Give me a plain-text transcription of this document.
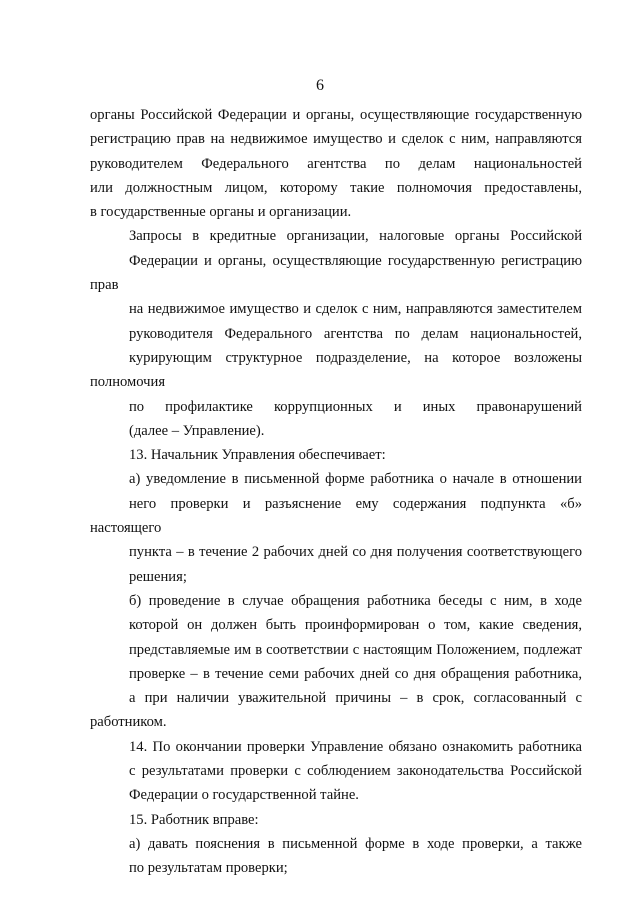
6

органы Российской Федерации и органы, осуществляющие государственную
регистрацию прав на недвижимое имущество и сделок с ним, направляются
руководителем Федерального агентства по делам национальностей
или должностным лицом, которому такие полномочия предоставлены,
в государственные органы и организации.

Запросы в кредитные организации, налоговые органы Российской
Федерации и органы, осуществляющие государственную регистрацию прав
на недвижимое имущество и сделок с ним, направляются заместителем
руководителя Федерального агентства по делам национальностей,
курирующим структурное подразделение, на которое возложены полномочия
по профилактике коррупционных и иных правонарушений
(далее – Управление).

13. Начальник Управления обеспечивает:

а) уведомление в письменной форме работника о начале в отношении
него проверки и разъяснение ему содержания подпункта «б» настоящего
пункта – в течение 2 рабочих дней со дня получения соответствующего
решения;

б) проведение в случае обращения работника беседы с ним, в ходе
которой он должен быть проинформирован о том, какие сведения,
представляемые им в соответствии с настоящим Положением, подлежат
проверке – в течение семи рабочих дней со дня обращения работника,
а при наличии уважительной причины – в срок, согласованный с работником.

14. По окончании проверки Управление обязано ознакомить работника
с результатами проверки с соблюдением законодательства Российской
Федерации о государственной тайне.

15. Работник вправе:

а) давать пояснения в письменной форме в ходе проверки, а также
по результатам проверки;
